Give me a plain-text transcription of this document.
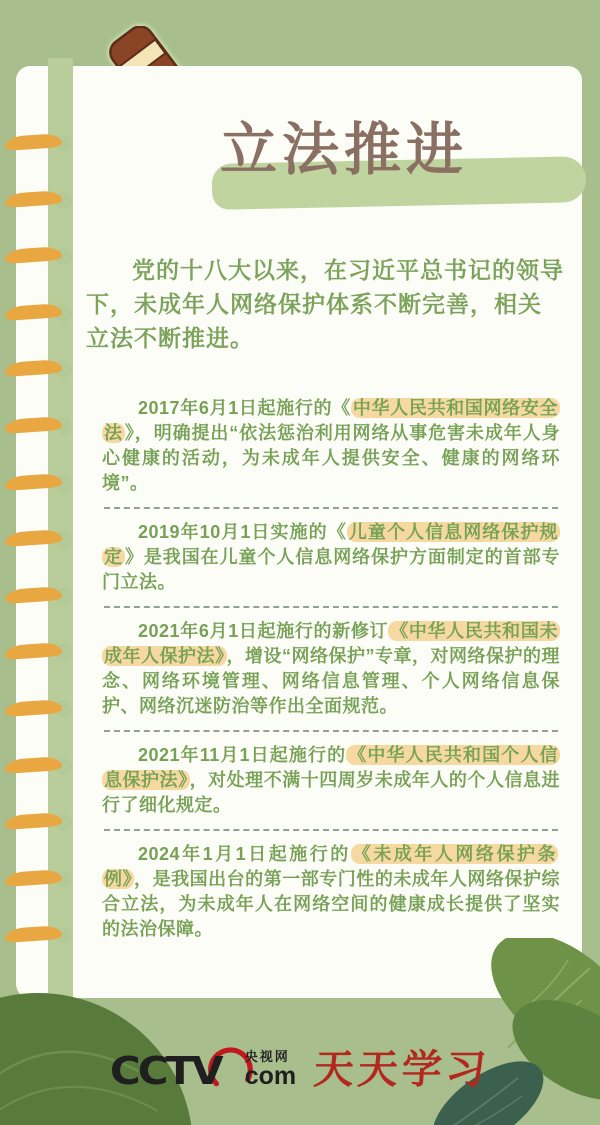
立法推进

党的十八大以来，在习近平总书记的领导下，未成年人网络保护体系不断完善，相关立法不断推进。

2017年6月1日起施行的《 中华人民共和国网络安全法 》，明确提出“依法惩治利用网络从事危害未成年人身心健康的活动，为未成年人提供安全、健康的网络环境”。

2019年10月1日实施的《 儿童个人信息网络保护规定 》是我国在儿童个人信息网络保护方面制定的首部专门立法。

2021年6月1日起施行的新修订 《中华人民共和国未成年人保护法》 ，增设“网络保护”专章，对网络保护的理念、网络环境管理、网络信息管理、个人网络信息保护、网络沉迷防治等作出全面规范。

2021年11月1日起施行的 《中华人民共和国个人信息保护法》 ，对处理不满十四周岁未成年人的个人信息进行了细化规定。

2024年1月1日起施行的 《未成年人网络保护条例》 ，是我国出台的第一部专门性的未成年人网络保护综合立法，为未成年人在网络空间的健康成长提供了坚实的法治保障。

CCTV 央视网
com 天天学习
